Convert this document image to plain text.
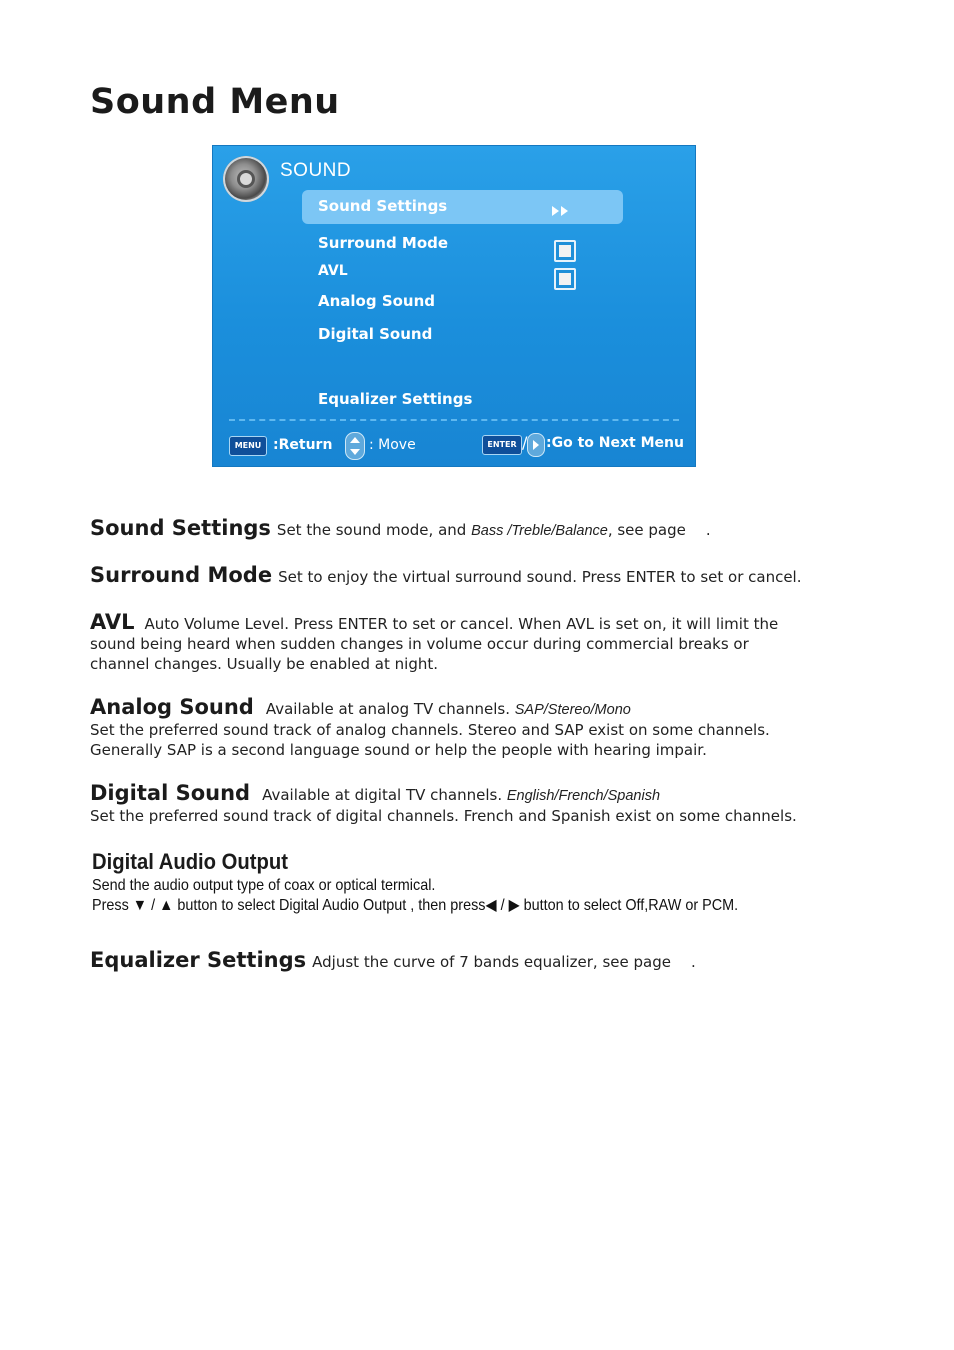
Sound Menu
SOUND
Sound Settings
Surround Mode
AVL
Analog Sound
Digital Sound
Equalizer Settings
MENU :Return	: Move	ENTER / :Go to Next Menu
Sound Settings Set the sound mode, and Bass /Treble/Balance, see page .
Surround Mode Set to enjoy the virtual surround sound. Press ENTER to set or cancel.
AVL Auto Volume Level. Press ENTER to set or cancel. When AVL is set on, it will limit the sound being heard when sudden changes in volume occur during commercial breaks or channel changes. Usually be enabled at night.
Analog Sound Available at analog TV channels. SAP/Stereo/Mono
Set the preferred sound track of analog channels. Stereo and SAP exist on some channels. Generally SAP is a second language sound or help the people with hearing impair.
Digital Sound Available at digital TV channels. English/French/Spanish
Set the preferred sound track of digital channels. French and Spanish exist on some channels.
Digital Audio Output
Send the audio output type of coax or optical termical.
Press ▼ / ▲ button to select Digital Audio Output , then press◀ / ▶ button to select Off,RAW or PCM.
Equalizer Settings Adjust the curve of 7 bands equalizer, see page .
